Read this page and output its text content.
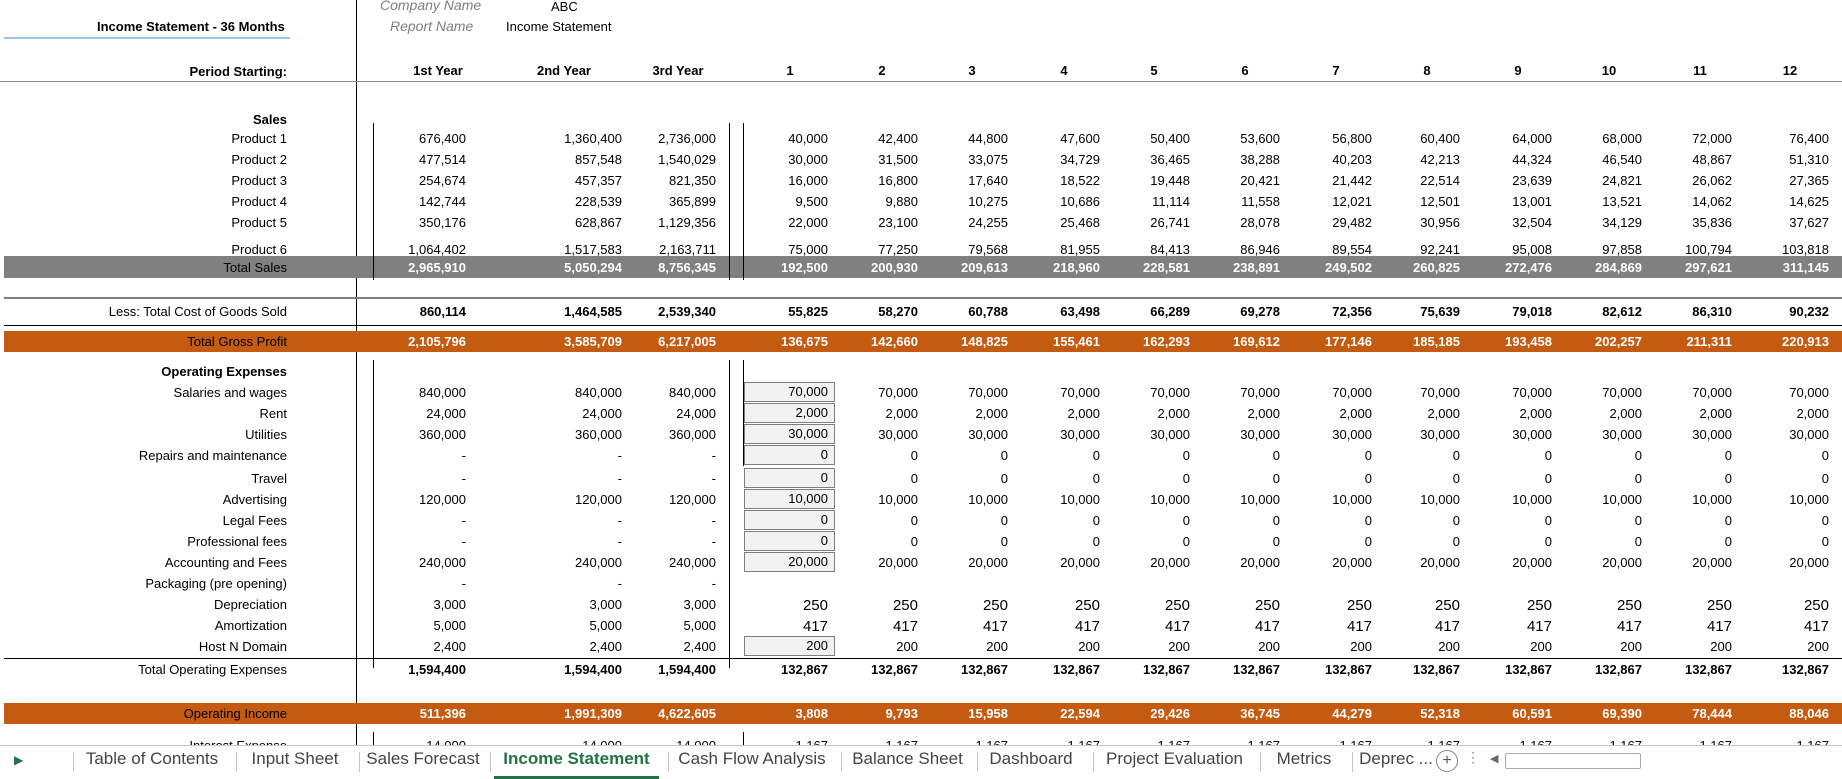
Income Statement - 36 Months
Company Name	ABC
Report Name	Income Statement
Period Starting:	1st Year	2nd Year	3rd Year	1	2	3	4	5	6	7	8	9	10	11	12
Sales
Product 1	676,400	1,360,400	2,736,000	40,000	42,400	44,800	47,600	50,400	53,600	56,800	60,400	64,000	68,000	72,000	76,400
Product 2	477,514	857,548	1,540,029	30,000	31,500	33,075	34,729	36,465	38,288	40,203	42,213	44,324	46,540	48,867	51,310
Product 3	254,674	457,357	821,350	16,000	16,800	17,640	18,522	19,448	20,421	21,442	22,514	23,639	24,821	26,062	27,365
Product 4	142,744	228,539	365,899	9,500	9,880	10,275	10,686	11,114	11,558	12,021	12,501	13,001	13,521	14,062	14,625
Product 5	350,176	628,867	1,129,356	22,000	23,100	24,255	25,468	26,741	28,078	29,482	30,956	32,504	34,129	35,836	37,627
Product 6	1,064,402	1,517,583	2,163,711	75,000	77,250	79,568	81,955	84,413	86,946	89,554	92,241	95,008	97,858	100,794	103,818
Total Sales	2,965,910	5,050,294	8,756,345	192,500	200,930	209,613	218,960	228,581	238,891	249,502	260,825	272,476	284,869	297,621	311,145
Less: Total Cost of Goods Sold	860,114	1,464,585	2,539,340	55,825	58,270	60,788	63,498	66,289	69,278	72,356	75,639	79,018	82,612	86,310	90,232
Total Gross Profit	2,105,796	3,585,709	6,217,005	136,675	142,660	148,825	155,461	162,293	169,612	177,146	185,185	193,458	202,257	211,311	220,913
Operating Expenses
Salaries and wages	840,000	840,000	840,000	70,000	70,000	70,000	70,000	70,000	70,000	70,000	70,000	70,000	70,000	70,000	70,000
Rent	24,000	24,000	24,000	2,000	2,000	2,000	2,000	2,000	2,000	2,000	2,000	2,000	2,000	2,000	2,000
Utilities	360,000	360,000	360,000	30,000	30,000	30,000	30,000	30,000	30,000	30,000	30,000	30,000	30,000	30,000	30,000
Repairs and maintenance	-	-	-	0	0	0	0	0	0	0	0	0	0	0	0
Travel	-	-	-	0	0	0	0	0	0	0	0	0	0	0	0
Advertising	120,000	120,000	120,000	10,000	10,000	10,000	10,000	10,000	10,000	10,000	10,000	10,000	10,000	10,000	10,000
Legal Fees	-	-	-	0	0	0	0	0	0	0	0	0	0	0	0
Professional fees	-	-	-	0	0	0	0	0	0	0	0	0	0	0	0
Accounting and Fees	240,000	240,000	240,000	20,000	20,000	20,000	20,000	20,000	20,000	20,000	20,000	20,000	20,000	20,000	20,000
Packaging (pre opening)	-	-	-
Depreciation	3,000	3,000	3,000	250	250	250	250	250	250	250	250	250	250	250	250
Amortization	5,000	5,000	5,000	417	417	417	417	417	417	417	417	417	417	417	417
Host N Domain	2,400	2,400	2,400	200	200	200	200	200	200	200	200	200	200	200	200
Total Operating Expenses	1,594,400	1,594,400	1,594,400	132,867	132,867	132,867	132,867	132,867	132,867	132,867	132,867	132,867	132,867	132,867	132,867
Operating Income	511,396	1,991,309	4,622,605	3,808	9,793	15,958	22,594	29,426	36,745	44,279	52,318	60,591	69,390	78,444	88,046
▶	Table of Contents	Input Sheet	Sales Forecast	Income Statement	Cash Flow Analysis	Balance Sheet	Dashboard	Project Evaluation	Metrics	Deprec ... +	⋮ ◀
